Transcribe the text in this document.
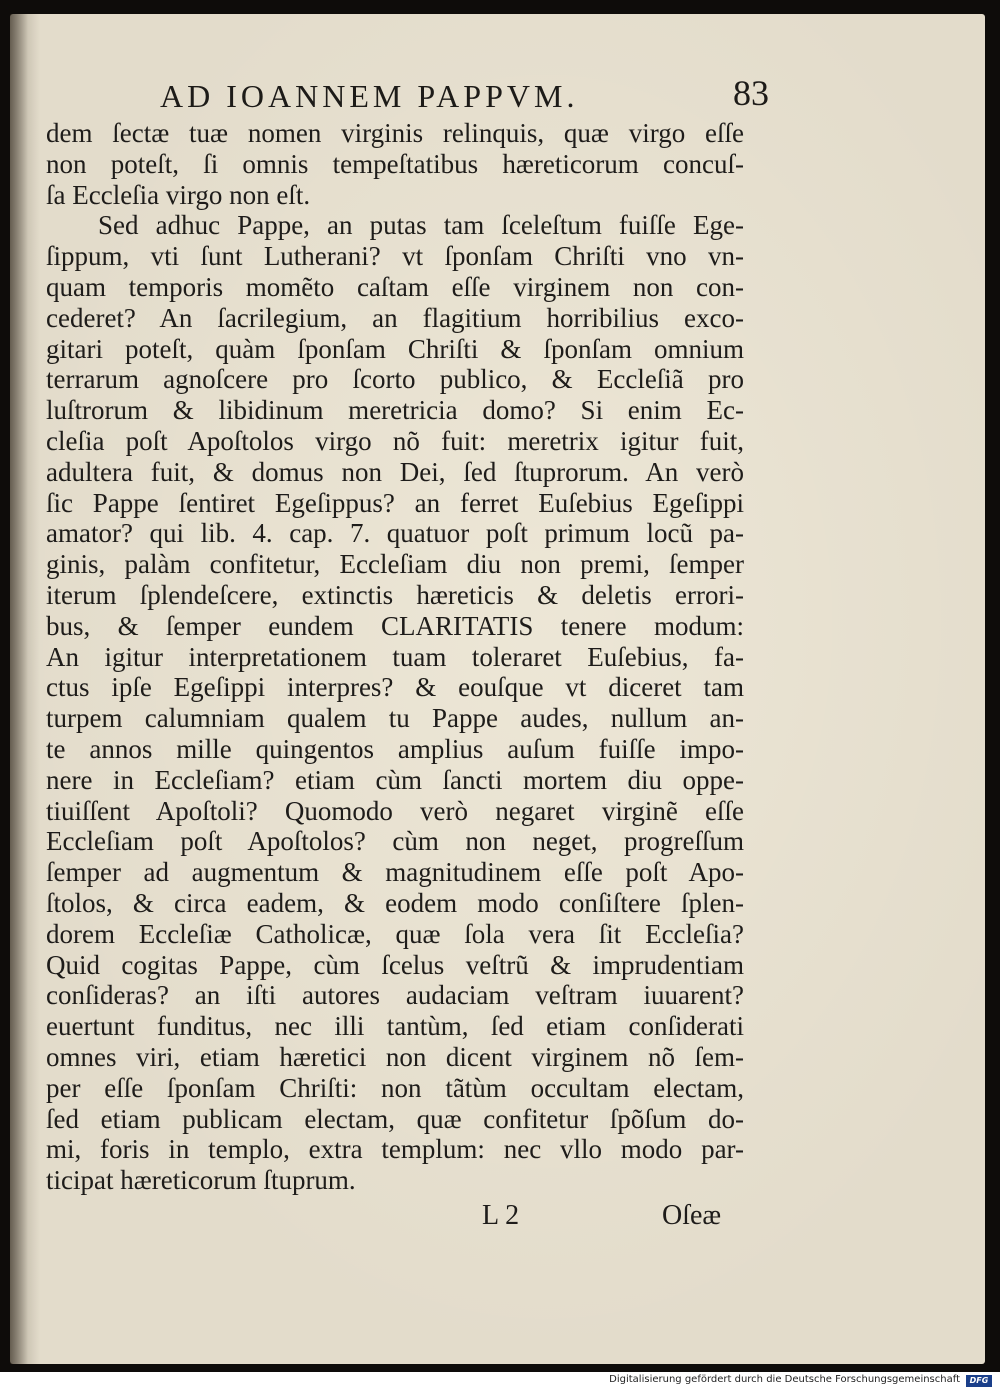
AD IOANNEM PAPPVM.	83
dem ſectæ tuæ nomen virginis relinquis, quæ virgo eſſe
non poteſt, ſi omnis tempeſtatibus hæreticorum concuſ-
ſa Eccleſia virgo non eſt.
Sed adhuc Pappe, an putas tam ſceleſtum fuiſſe Ege-
ſippum, vti ſunt Lutherani? vt ſponſam Chriſti vno vn-
quam temporis momẽto caſtam eſſe virginem non con-
cederet? An ſacrilegium, an flagitium horribilius exco-
gitari poteſt, quàm ſponſam Chriſti & ſponſam omnium
terrarum agnoſcere pro ſcorto publico, & Eccleſiã pro
luſtrorum & libidinum meretricia domo? Si enim Ec-
cleſia poſt Apoſtolos virgo nõ fuit: meretrix igitur fuit,
adultera fuit, & domus non Dei, ſed ſtuprorum. An verò
ſic Pappe ſentiret Egeſippus? an ferret Euſebius Egeſippi
amator? qui lib. 4. cap. 7. quatuor poſt primum locũ pa-
ginis, palàm confitetur, Eccleſiam diu non premi, ſemper
iterum ſplendeſcere, extinctis hæreticis & deletis errori-
bus, & ſemper eundem CLARITATIS tenere modum:
An igitur interpretationem tuam toleraret Euſebius, fa-
ctus ipſe Egeſippi interpres? & eouſque vt diceret tam
turpem calumniam qualem tu Pappe audes, nullum an-
te annos mille quingentos amplius auſum fuiſſe impo-
nere in Eccleſiam? etiam cùm ſancti mortem diu oppe-
tiuiſſent Apoſtoli? Quomodo verò negaret virginẽ eſſe
Eccleſiam poſt Apoſtolos? cùm non neget, progreſſum
ſemper ad augmentum & magnitudinem eſſe poſt Apo-
ſtolos, & circa eadem, & eodem modo conſiſtere ſplen-
dorem Eccleſiæ Catholicæ, quæ ſola vera ſit Eccleſia?
Quid cogitas Pappe, cùm ſcelus veſtrũ & imprudentiam
conſideras? an iſti autores audaciam veſtram iuuarent?
euertunt funditus, nec illi tantùm, ſed etiam conſiderati
omnes viri, etiam hæretici non dicent virginem nõ ſem-
per eſſe ſponſam Chriſti: non tãtùm occultam electam,
ſed etiam publicam electam, quæ confitetur ſpõſum do-
mi, foris in templo, extra templum: nec vllo modo par-
ticipat hæreticorum ſtuprum.
L 2	Oſeæ
Digitalisierung gefördert durch die Deutsche Forschungsgemeinschaft	DFG
